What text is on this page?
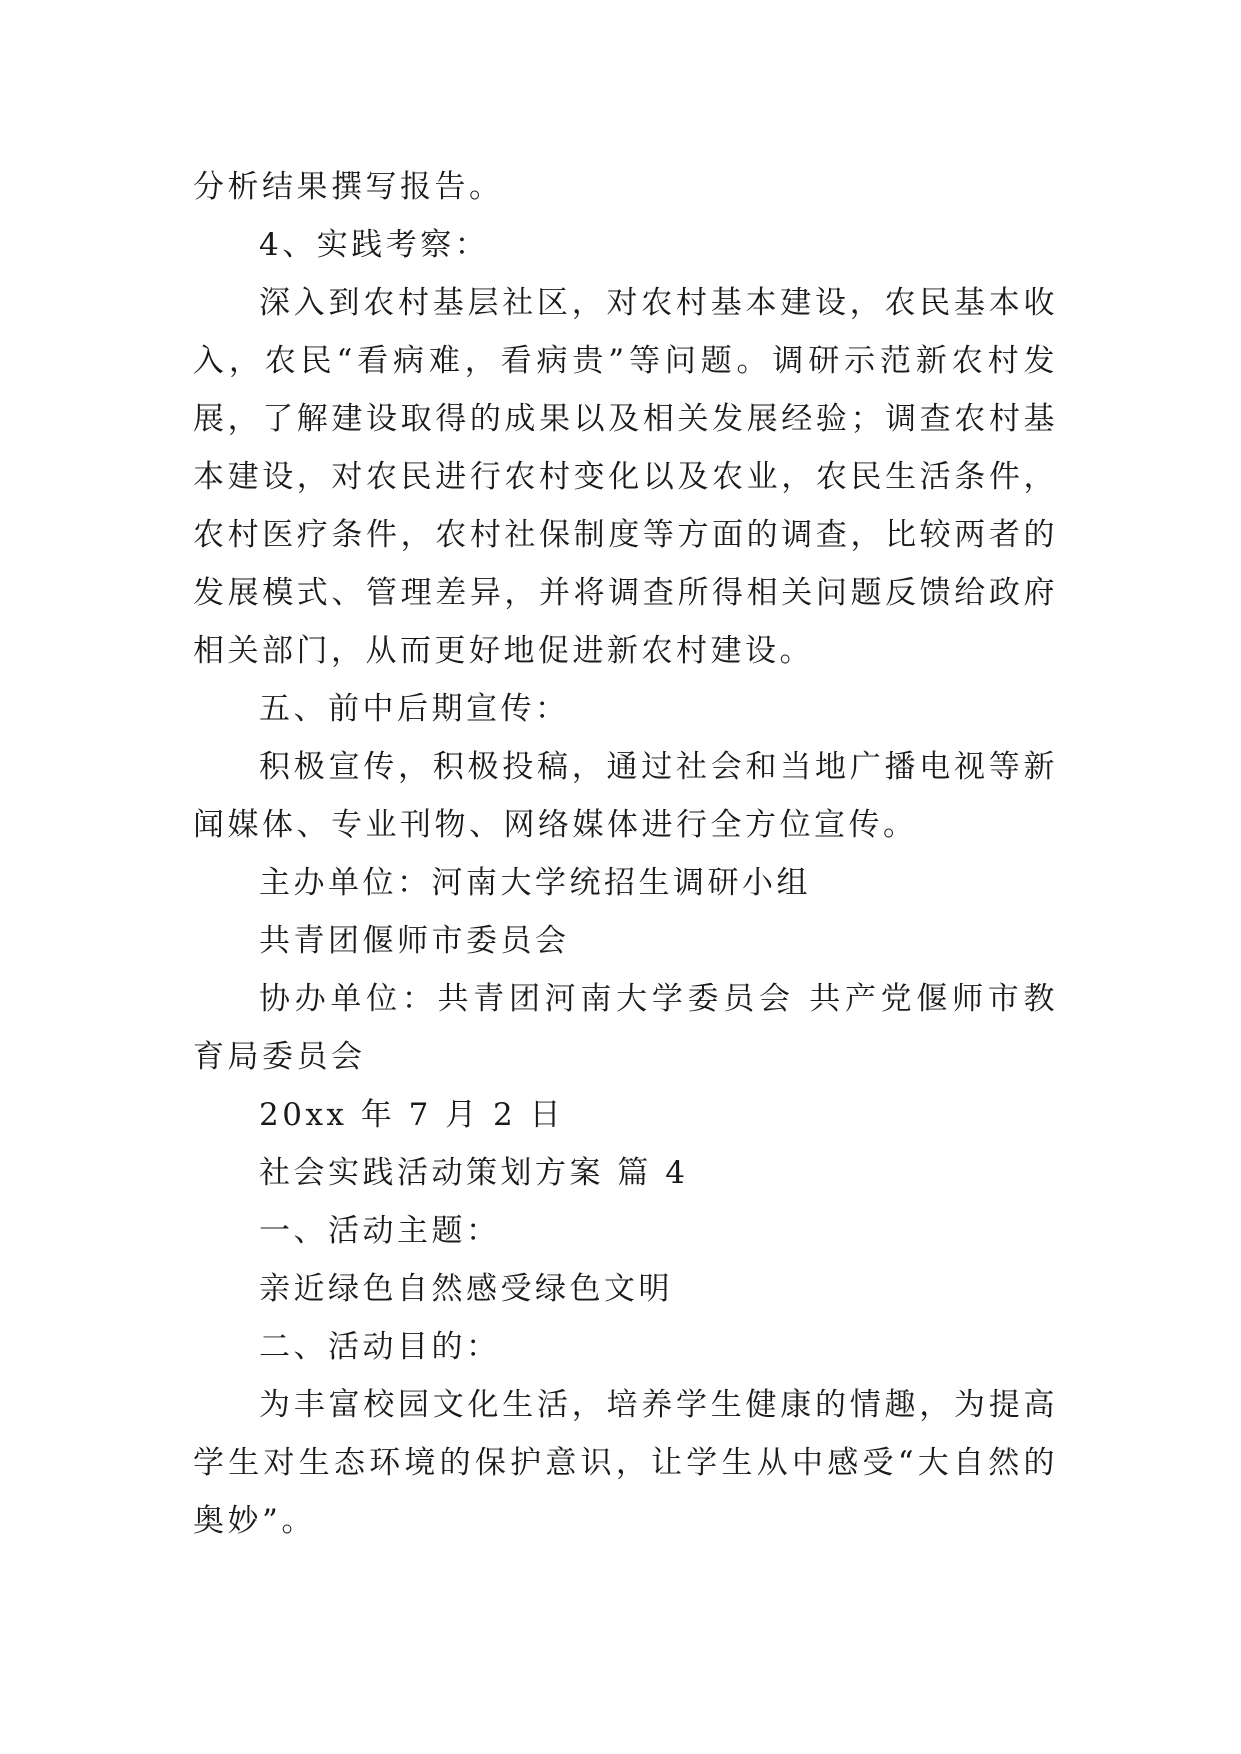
分析结果撰写报告。

4、实践考察：

深入到农村基层社区，对农村基本建设，农民基本收入，农民“看病难，看病贵”等问题。调研示范新农村发展，了解建设取得的成果以及相关发展经验；调查农村基本建设，对农民进行农村变化以及农业，农民生活条件，农村医疗条件，农村社保制度等方面的调查，比较两者的发展模式、管理差异，并将调查所得相关问题反馈给政府相关部门，从而更好地促进新农村建设。

五、前中后期宣传：

积极宣传，积极投稿，通过社会和当地广播电视等新闻媒体、专业刊物、网络媒体进行全方位宣传。

主办单位：河南大学统招生调研小组

共青团偃师市委员会

协办单位：共青团河南大学委员会 共产党偃师市教育局委员会

20xx 年 7 月 2 日

社会实践活动策划方案 篇 4

一、活动主题：

亲近绿色自然感受绿色文明

二、活动目的：

为丰富校园文化生活，培养学生健康的情趣，为提高学生对生态环境的保护意识，让学生从中感受“大自然的奥妙”。
